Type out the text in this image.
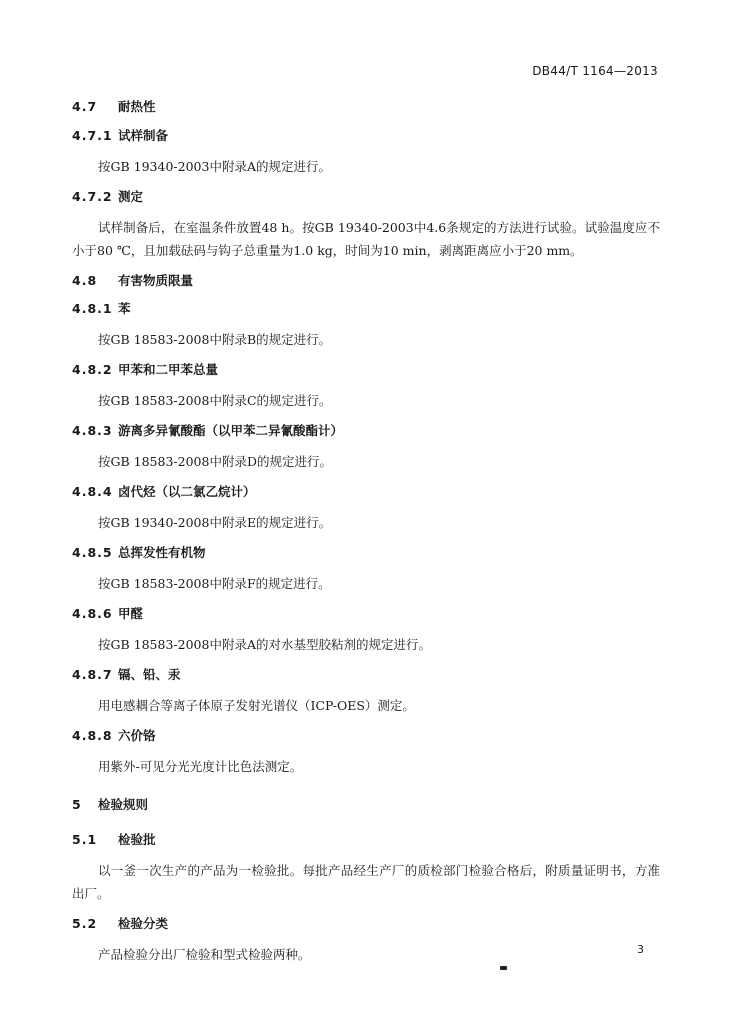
DB44/T 1164—2013
4.7 耐热性
4.7.1 试样制备

按GB 19340-2003中附录A的规定进行。

4.7.2 测定

试样制备后，在室温条件放置48 h。按GB 19340-2003中4.6条规定的方法进行试验。试验温度应不小于80 ℃，且加载砝码与钩子总重量为1.0 kg，时间为10 min，剥离距离应小于20 mm。

4.8 有害物质限量
4.8.1 苯

按GB 18583-2008中附录B的规定进行。

4.8.2 甲苯和二甲苯总量

按GB 18583-2008中附录C的规定进行。

4.8.3 游离多异氰酸酯（以甲苯二异氰酸酯计）

按GB 18583-2008中附录D的规定进行。

4.8.4 卤代烃（以二氯乙烷计）

按GB 19340-2008中附录E的规定进行。

4.8.5 总挥发性有机物

按GB 18583-2008中附录F的规定进行。

4.8.6 甲醛

按GB 18583-2008中附录A的对水基型胶粘剂的规定进行。

4.8.7 镉、铅、汞

用电感耦合等离子体原子发射光谱仪（ICP-OES）测定。

4.8.8 六价铬

用紫外-可见分光光度计比色法测定。

5 检验规则
5.1 检验批

以一釜一次生产的产品为一检验批。每批产品经生产厂的质检部门检验合格后，附质量证明书，方准出厂。

5.2 检验分类

产品检验分出厂检验和型式检验两种。	3
